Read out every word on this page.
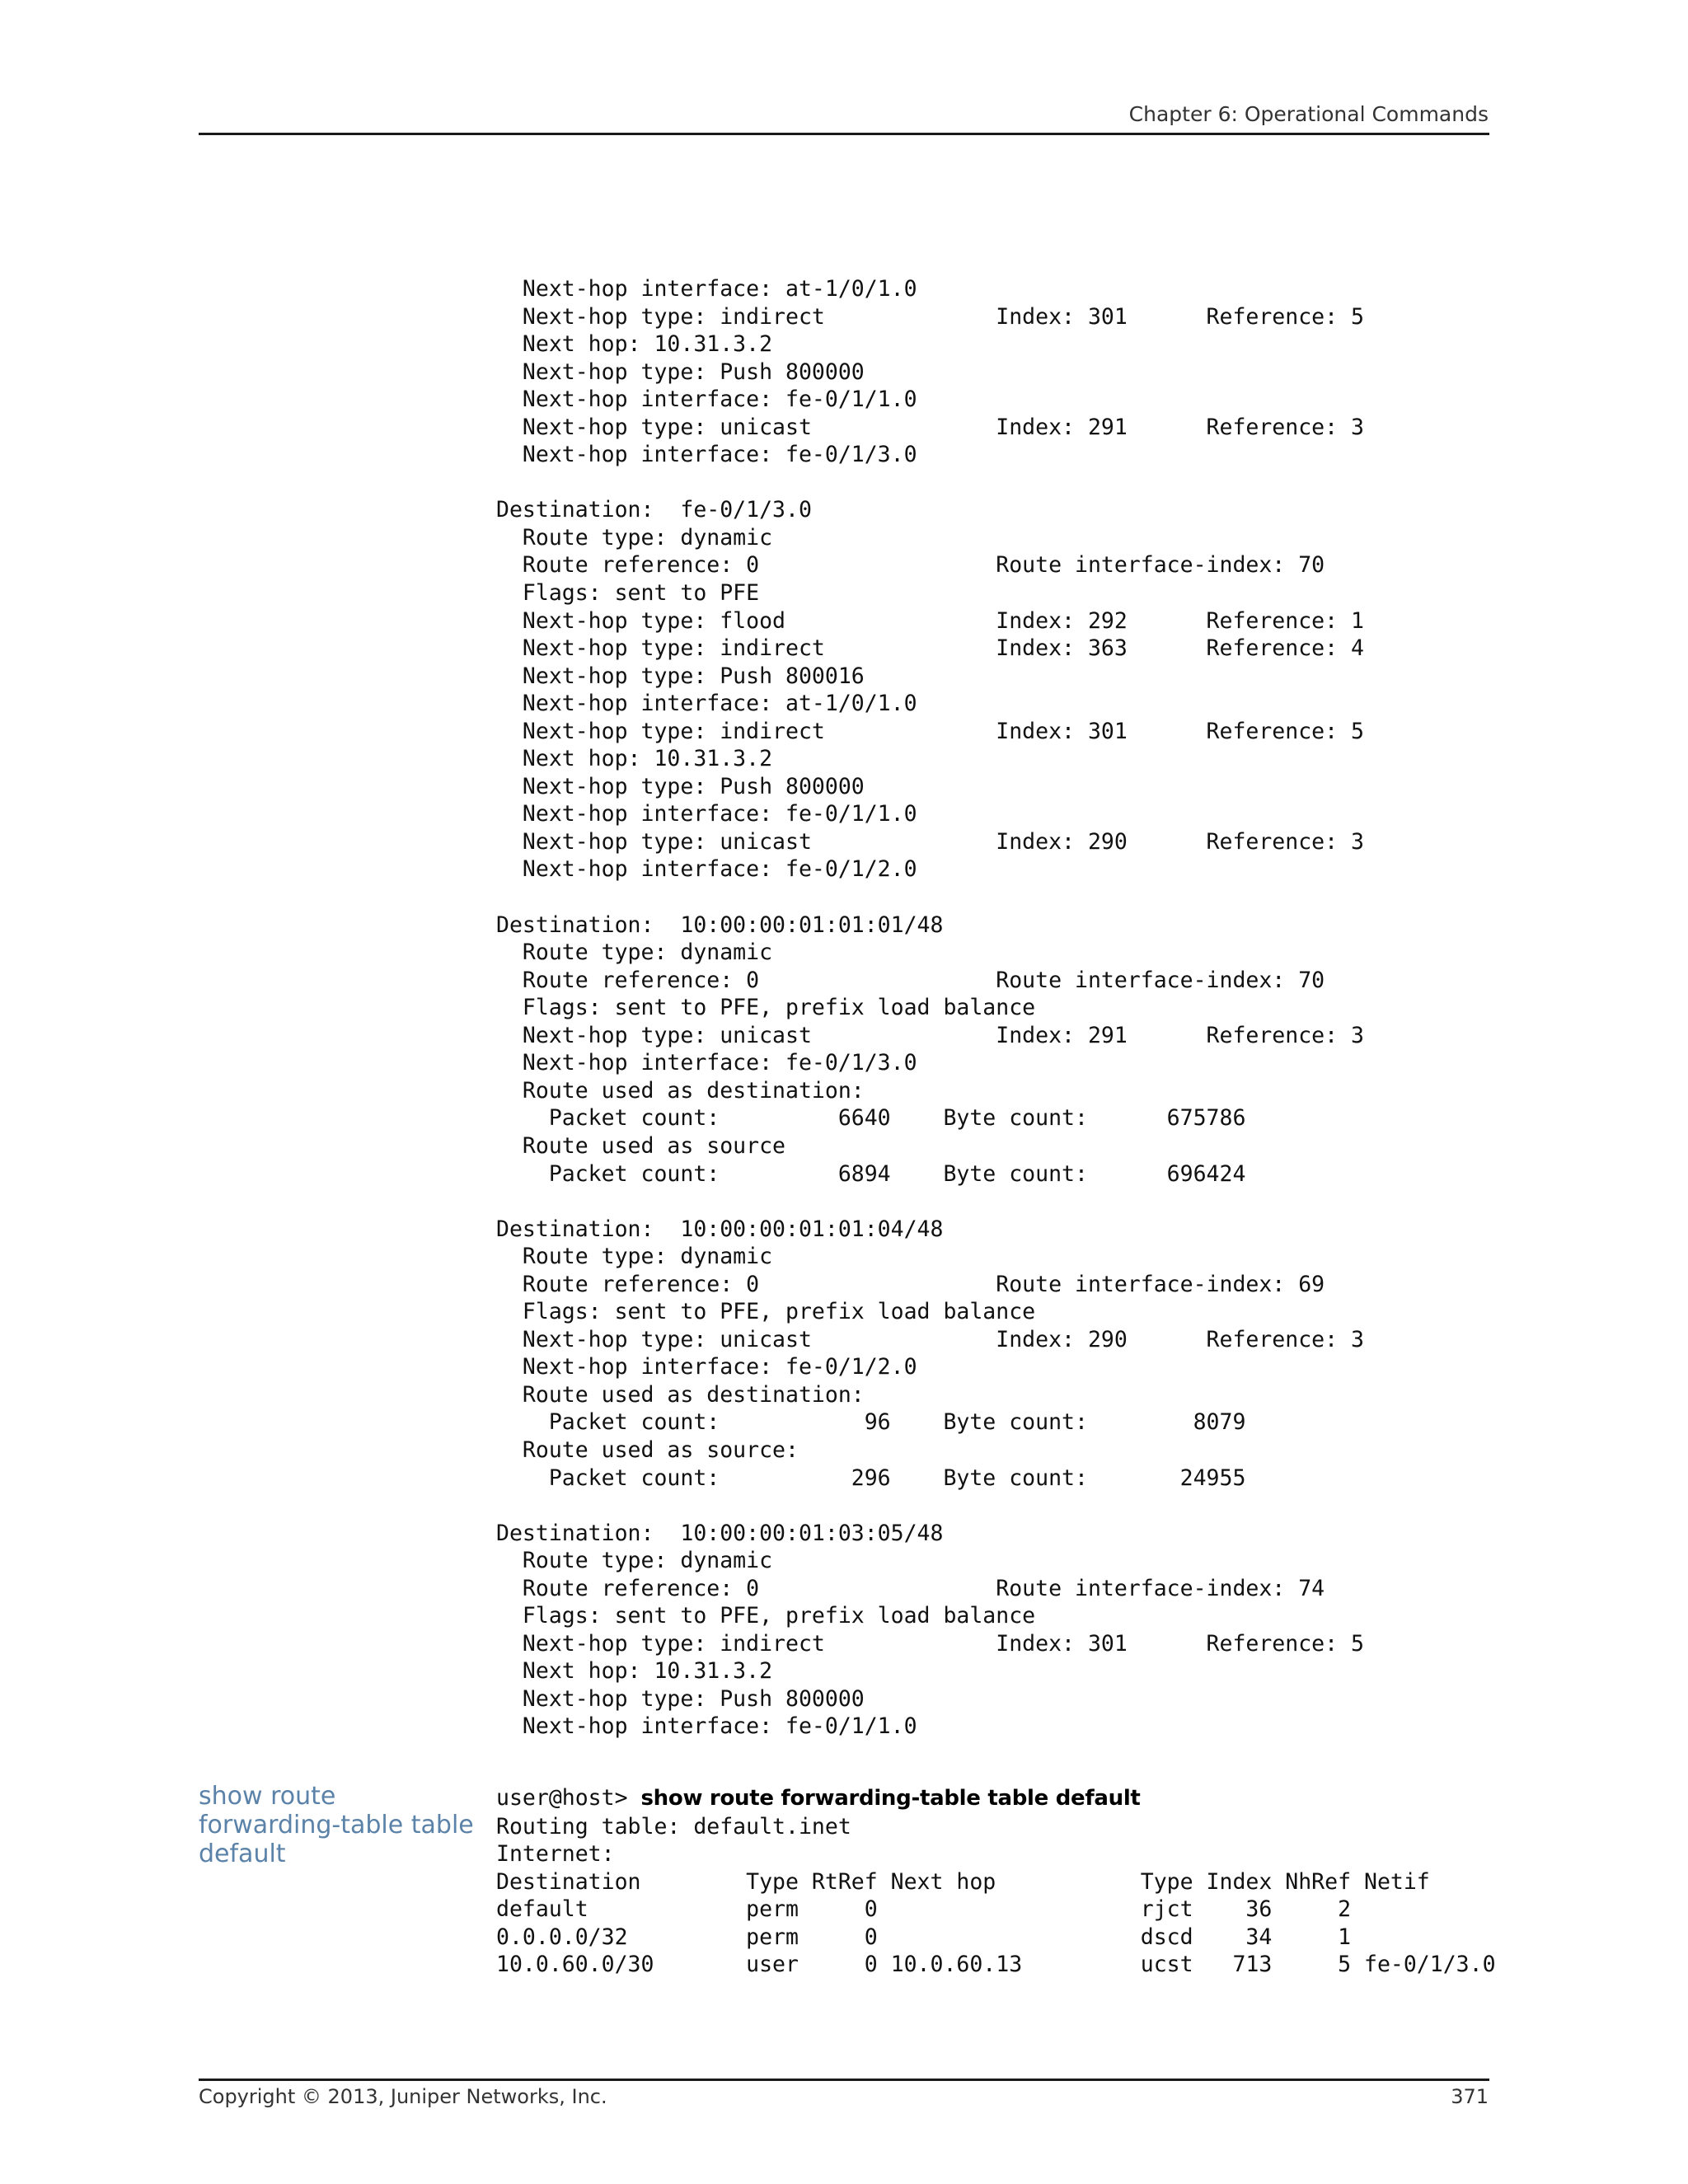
Chapter 6: Operational Commands
Next-hop interface: at-1/0/1.0
Next-hop type: indirect             Index: 301      Reference: 5
Next hop: 10.31.3.2
Next-hop type: Push 800000
Next-hop interface: fe-0/1/1.0
Next-hop type: unicast              Index: 291      Reference: 3
Next-hop interface: fe-0/1/3.0

Destination:  fe-0/1/3.0
Route type: dynamic
Route reference: 0                  Route interface-index: 70
Flags: sent to PFE
Next-hop type: flood                Index: 292      Reference: 1
Next-hop type: indirect             Index: 363      Reference: 4
Next-hop type: Push 800016
Next-hop interface: at-1/0/1.0
Next-hop type: indirect             Index: 301      Reference: 5
Next hop: 10.31.3.2
Next-hop type: Push 800000
Next-hop interface: fe-0/1/1.0
Next-hop type: unicast              Index: 290      Reference: 3
Next-hop interface: fe-0/1/2.0

Destination:  10:00:00:01:01:01/48
Route type: dynamic
Route reference: 0                  Route interface-index: 70
Flags: sent to PFE, prefix load balance
Next-hop type: unicast              Index: 291      Reference: 3
Next-hop interface: fe-0/1/3.0
Route used as destination:
Packet count:         6640    Byte count:      675786
Route used as source
Packet count:         6894    Byte count:      696424

Destination:  10:00:00:01:01:04/48
Route type: dynamic
Route reference: 0                  Route interface-index: 69
Flags: sent to PFE, prefix load balance
Next-hop type: unicast              Index: 290      Reference: 3
Next-hop interface: fe-0/1/2.0
Route used as destination:
Packet count:           96    Byte count:        8079
Route used as source:
Packet count:          296    Byte count:       24955

Destination:  10:00:00:01:03:05/48
Route type: dynamic
Route reference: 0                  Route interface-index: 74
Flags: sent to PFE, prefix load balance
Next-hop type: indirect             Index: 301      Reference: 5
Next hop: 10.31.3.2
Next-hop type: Push 800000
Next-hop interface: fe-0/1/1.0
show route forwarding-table table default
user@host> show route forwarding-table table default
Routing table: default.inet
Internet:
Destination        Type RtRef Next hop           Type Index NhRef Netif
default            perm     0                    rjct    36     2
0.0.0.0/32         perm     0                    dscd    34     1
10.0.60.0/30       user     0 10.0.60.13         ucst   713     5 fe-0/1/3.0
Copyright © 2013, Juniper Networks, Inc.	371
